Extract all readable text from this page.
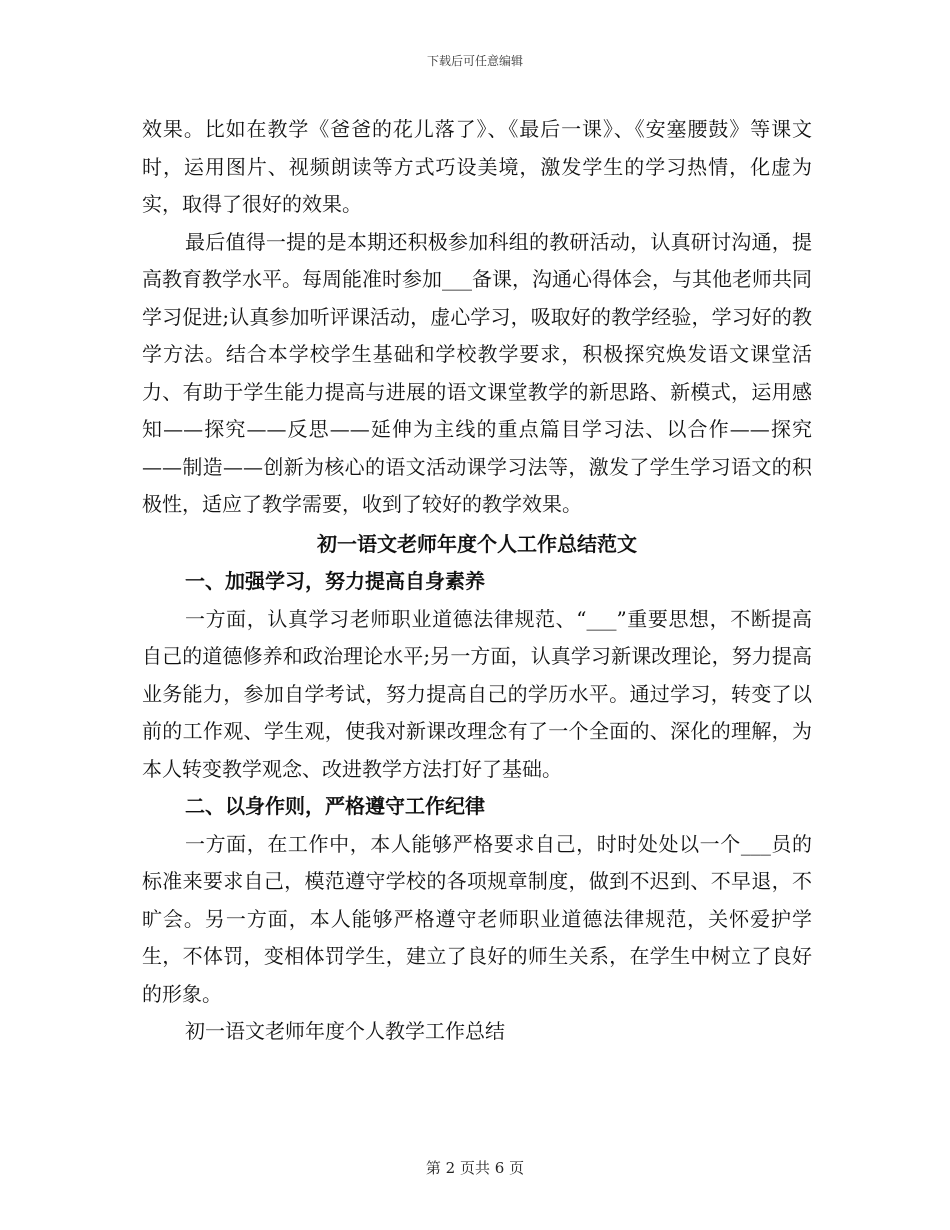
下载后可任意编辑

效果。比如在教学《爸爸的花儿落了》、《最后一课》、《安塞腰鼓》等课文时，运用图片、视频朗读等方式巧设美境，激发学生的学习热情，化虚为实，取得了很好的效果。

最后值得一提的是本期还积极参加科组的教研活动，认真研讨沟通，提高教育教学水平。每周能准时参加___备课，沟通心得体会，与其他老师共同学习促进;认真参加听评课活动，虚心学习，吸取好的教学经验，学习好的教学方法。结合本学校学生基础和学校教学要求，积极探究焕发语文课堂活力、有助于学生能力提高与进展的语文课堂教学的新思路、新模式，运用感知——探究——反思——延伸为主线的重点篇目学习法、以合作——探究——制造——创新为核心的语文活动课学习法等，激发了学生学习语文的积极性，适应了教学需要，收到了较好的教学效果。

初一语文老师年度个人工作总结范文

一、加强学习，努力提高自身素养

一方面，认真学习老师职业道德法律规范、“___”重要思想，不断提高自己的道德修养和政治理论水平;另一方面，认真学习新课改理论，努力提高业务能力，参加自学考试，努力提高自己的学历水平。通过学习，转变了以前的工作观、学生观，使我对新课改理念有了一个全面的、深化的理解，为本人转变教学观念、改进教学方法打好了基础。

二、以身作则，严格遵守工作纪律

一方面，在工作中，本人能够严格要求自己，时时处处以一个___员的标准来要求自己，模范遵守学校的各项规章制度，做到不迟到、不早退，不旷会。另一方面，本人能够严格遵守老师职业道德法律规范，关怀爱护学生，不体罚，变相体罚学生，建立了良好的师生关系，在学生中树立了良好的形象。

初一语文老师年度个人教学工作总结

第 2 页共 6 页
